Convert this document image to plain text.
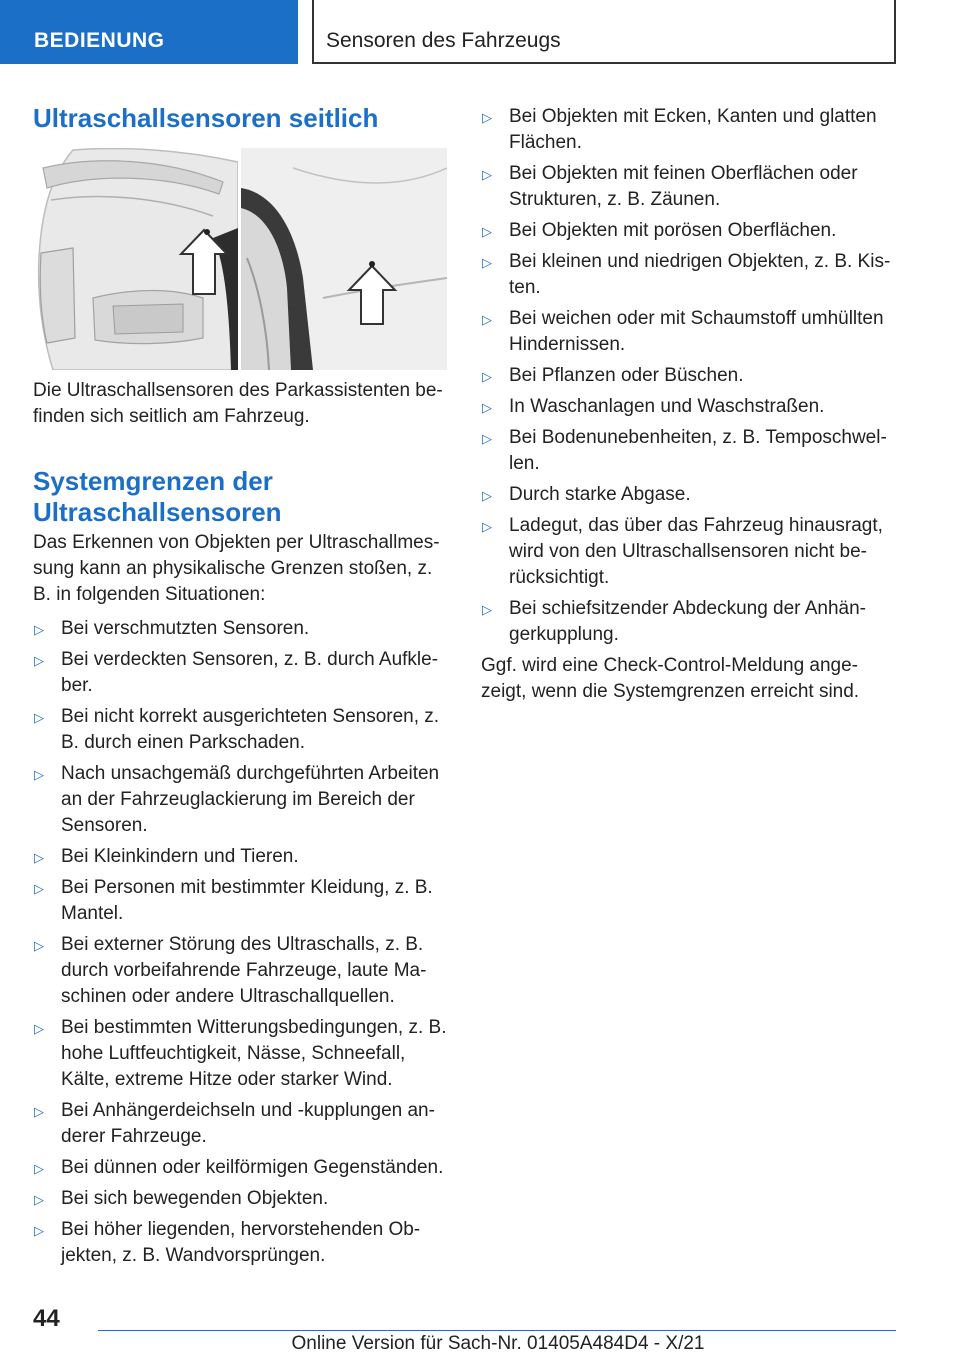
BEDIENUNG	Sensoren des Fahrzeugs
Ultraschallsensoren seitlich

Die Ultraschallsensoren des Parkassistenten be-finden sich seitlich am Fahrzeug.

Systemgrenzen der
Ultraschallsensoren

Das Erkennen von Objekten per Ultraschallmes-sung kann an physikalische Grenzen stoßen, z. B. in folgenden Situationen:

▷ Bei verschmutzten Sensoren.
▷ Bei verdeckten Sensoren, z. B. durch Aufkle-ber.
▷ Bei nicht korrekt ausgerichteten Sensoren, z. B. durch einen Parkschaden.
▷ Nach unsachgemäß durchgeführten Arbeiten an der Fahrzeuglackierung im Bereich der Sensoren.
▷ Bei Kleinkindern und Tieren.
▷ Bei Personen mit bestimmter Kleidung, z. B. Mantel.
▷ Bei externer Störung des Ultraschalls, z. B. durch vorbeifahrende Fahrzeuge, laute Ma-schinen oder andere Ultraschallquellen.
▷ Bei bestimmten Witterungsbedingungen, z. B. hohe Luftfeuchtigkeit, Nässe, Schneefall, Kälte, extreme Hitze oder starker Wind.
▷ Bei Anhängerdeichseln und -kupplungen an-derer Fahrzeuge.
▷ Bei dünnen oder keilförmigen Gegenständen.
▷ Bei sich bewegenden Objekten.
▷ Bei höher liegenden, hervorstehenden Ob-jekten, z. B. Wandvorsprüngen.
▷ Bei Objekten mit Ecken, Kanten und glatten Flächen.
▷ Bei Objekten mit feinen Oberflächen oder Strukturen, z. B. Zäunen.
▷ Bei Objekten mit porösen Oberflächen.
▷ Bei kleinen und niedrigen Objekten, z. B. Kis-ten.
▷ Bei weichen oder mit Schaumstoff umhüllten Hindernissen.
▷ Bei Pflanzen oder Büschen.
▷ In Waschanlagen und Waschstraßen.
▷ Bei Bodenunebenheiten, z. B. Temposchwel-len.
▷ Durch starke Abgase.
▷ Ladegut, das über das Fahrzeug hinausragt, wird von den Ultraschallsensoren nicht be-rücksichtigt.
▷ Bei schiefsitzender Abdeckung der Anhän-gerkupplung.

Ggf. wird eine Check-Control-Meldung ange-zeigt, wenn die Systemgrenzen erreicht sind.

44
Online Version für Sach-Nr. 01405A484D4 - X/21
